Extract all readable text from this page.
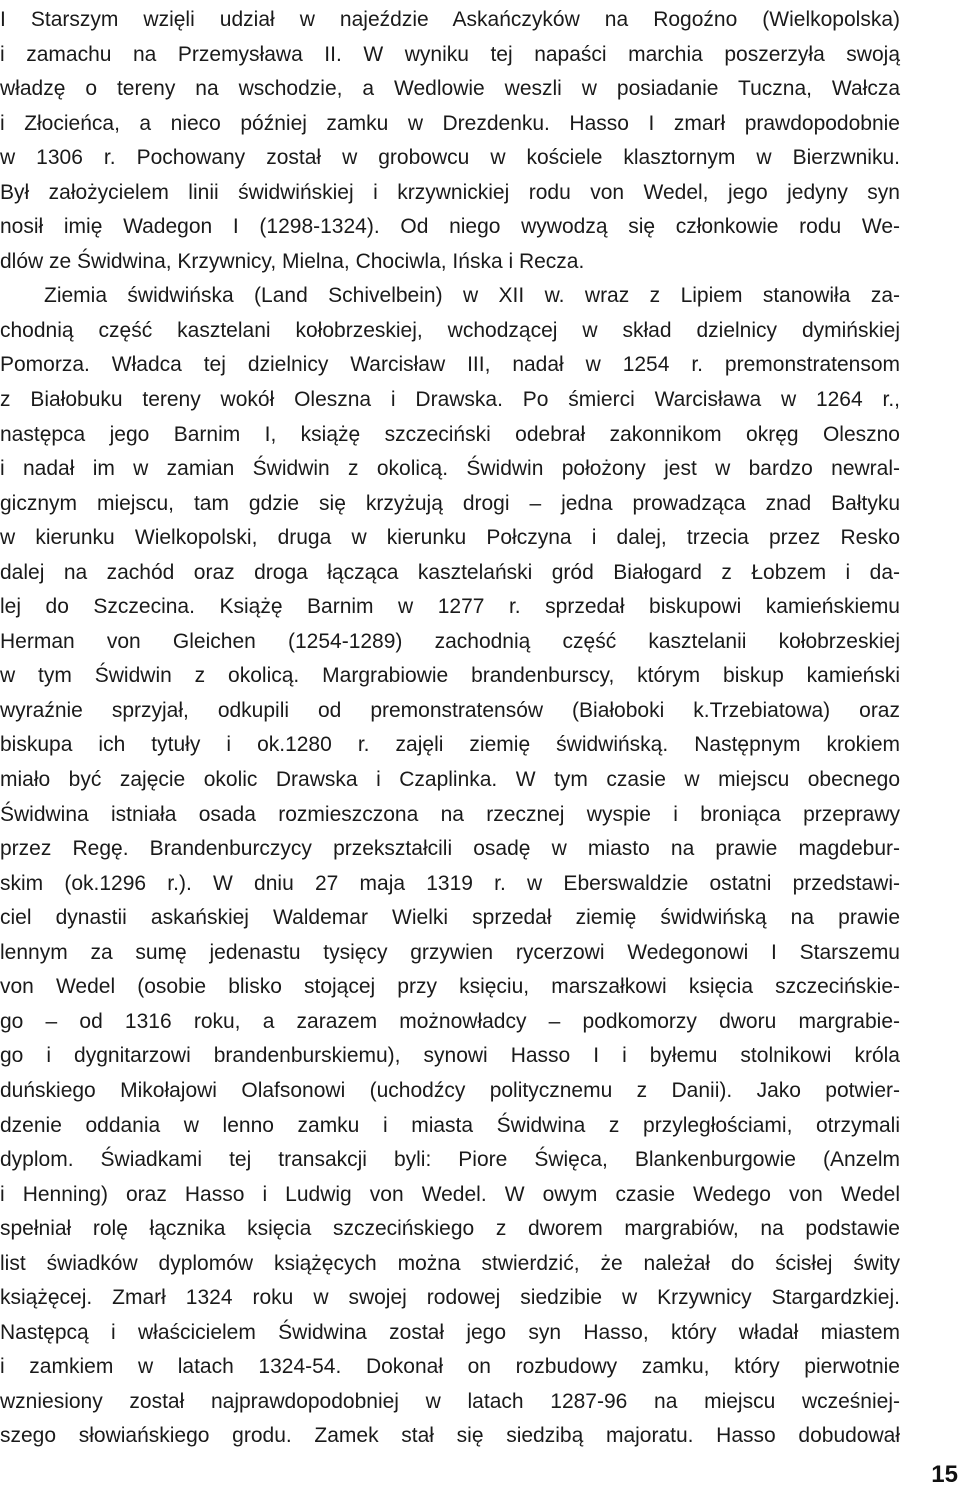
I Starszym wzięli udział w najeździe Askańczyków na Rogoźno (Wielkopolska)
i zamachu na Przemysława II. W wyniku tej napaści marchia poszerzyła swoją
władzę o tereny na wschodzie, a Wedlowie weszli w posiadanie Tuczna, Wałcza
i Złocieńca, a nieco później zamku w Drezdenku. Hasso I zmarł prawdopodobnie
w 1306 r. Pochowany został w grobowcu w kościele klasztornym w Bierzwniku.
Był założycielem linii świdwińskiej i krzywnickiej rodu von Wedel, jego jedyny syn
nosił imię Wadegon I (1298-1324). Od niego wywodzą się członkowie rodu We-
dlów ze Świdwina, Krzywnicy, Mielna, Chociwla, Ińska i Recza.
Ziemia świdwińska (Land Schivelbein) w XII w. wraz z Lipiem stanowiła za-
chodnią część kasztelani kołobrzeskiej, wchodzącej w skład dzielnicy dymińskiej
Pomorza. Władca tej dzielnicy Warcisław III, nadał w 1254 r. premonstratensom
z Białobuku tereny wokół Oleszna i Drawska. Po śmierci Warcisława w 1264 r.,
następca jego Barnim I, książę szczeciński odebrał zakonnikom okręg Oleszno
i nadał im w zamian Świdwin z okolicą. Świdwin położony jest w bardzo newral-
gicznym miejscu, tam gdzie się krzyżują drogi – jedna prowadząca znad Bałtyku
w kierunku Wielkopolski, druga w kierunku Połczyna i dalej, trzecia przez Resko
dalej na zachód oraz droga łącząca kasztelański gród Białogard z Łobzem i da-
lej do Szczecina. Książę Barnim w 1277 r. sprzedał biskupowi kamieńskiemu
Herman von Gleichen (1254-1289) zachodnią część kasztelanii kołobrzeskiej
w tym Świdwin z okolicą. Margrabiowie brandenburscy, którym biskup kamieński
wyraźnie sprzyjał, odkupili od premonstratensów (Białoboki k.Trzebiatowa) oraz
biskupa ich tytuły i ok.1280 r. zajęli ziemię świdwińską. Następnym krokiem
miało być zajęcie okolic Drawska i Czaplinka. W tym czasie w miejscu obecnego
Świdwina istniała osada rozmieszczona na rzecznej wyspie i broniąca przeprawy
przez Regę. Brandenburczycy przekształcili osadę w miasto na prawie magdebur-
skim (ok.1296 r.). W dniu 27 maja 1319 r. w Eberswaldzie ostatni przedstawi-
ciel dynastii askańskiej Waldemar Wielki sprzedał ziemię świdwińską na prawie
lennym za sumę jedenastu tysięcy grzywien rycerzowi Wedegonowi I Starszemu
von Wedel (osobie blisko stojącej przy księciu, marszałkowi księcia szczecińskie-
go – od 1316 roku, a zarazem możnowładcy – podkomorzy dworu margrabie-
go i dygnitarzowi brandenburskiemu), synowi Hasso I i byłemu stolnikowi króla
duńskiego Mikołajowi Olafsonowi (uchodźcy politycznemu z Danii). Jako potwier-
dzenie oddania w lenno zamku i miasta Świdwina z przyległościami, otrzymali
dyplom. Świadkami tej transakcji byli: Piore Święca, Blankenburgowie (Anzelm
i Henning) oraz Hasso i Ludwig von Wedel. W owym czasie Wedego von Wedel
spełniał rolę łącznika księcia szczecińskiego z dworem margrabiów, na podstawie
list świadków dyplomów książęcych można stwierdzić, że należał do ścisłej świty
książęcej. Zmarł 1324 roku w swojej rodowej siedzibie w Krzywnicy Stargardzkiej.
Następcą i właścicielem Świdwina został jego syn Hasso, który władał miastem
i zamkiem w latach 1324-54. Dokonał on rozbudowy zamku, który pierwotnie
wzniesiony został najprawdopodobniej w latach 1287-96 na miejscu wcześniej-
szego słowiańskiego grodu. Zamek stał się siedzibą majoratu. Hasso dobudował
15
